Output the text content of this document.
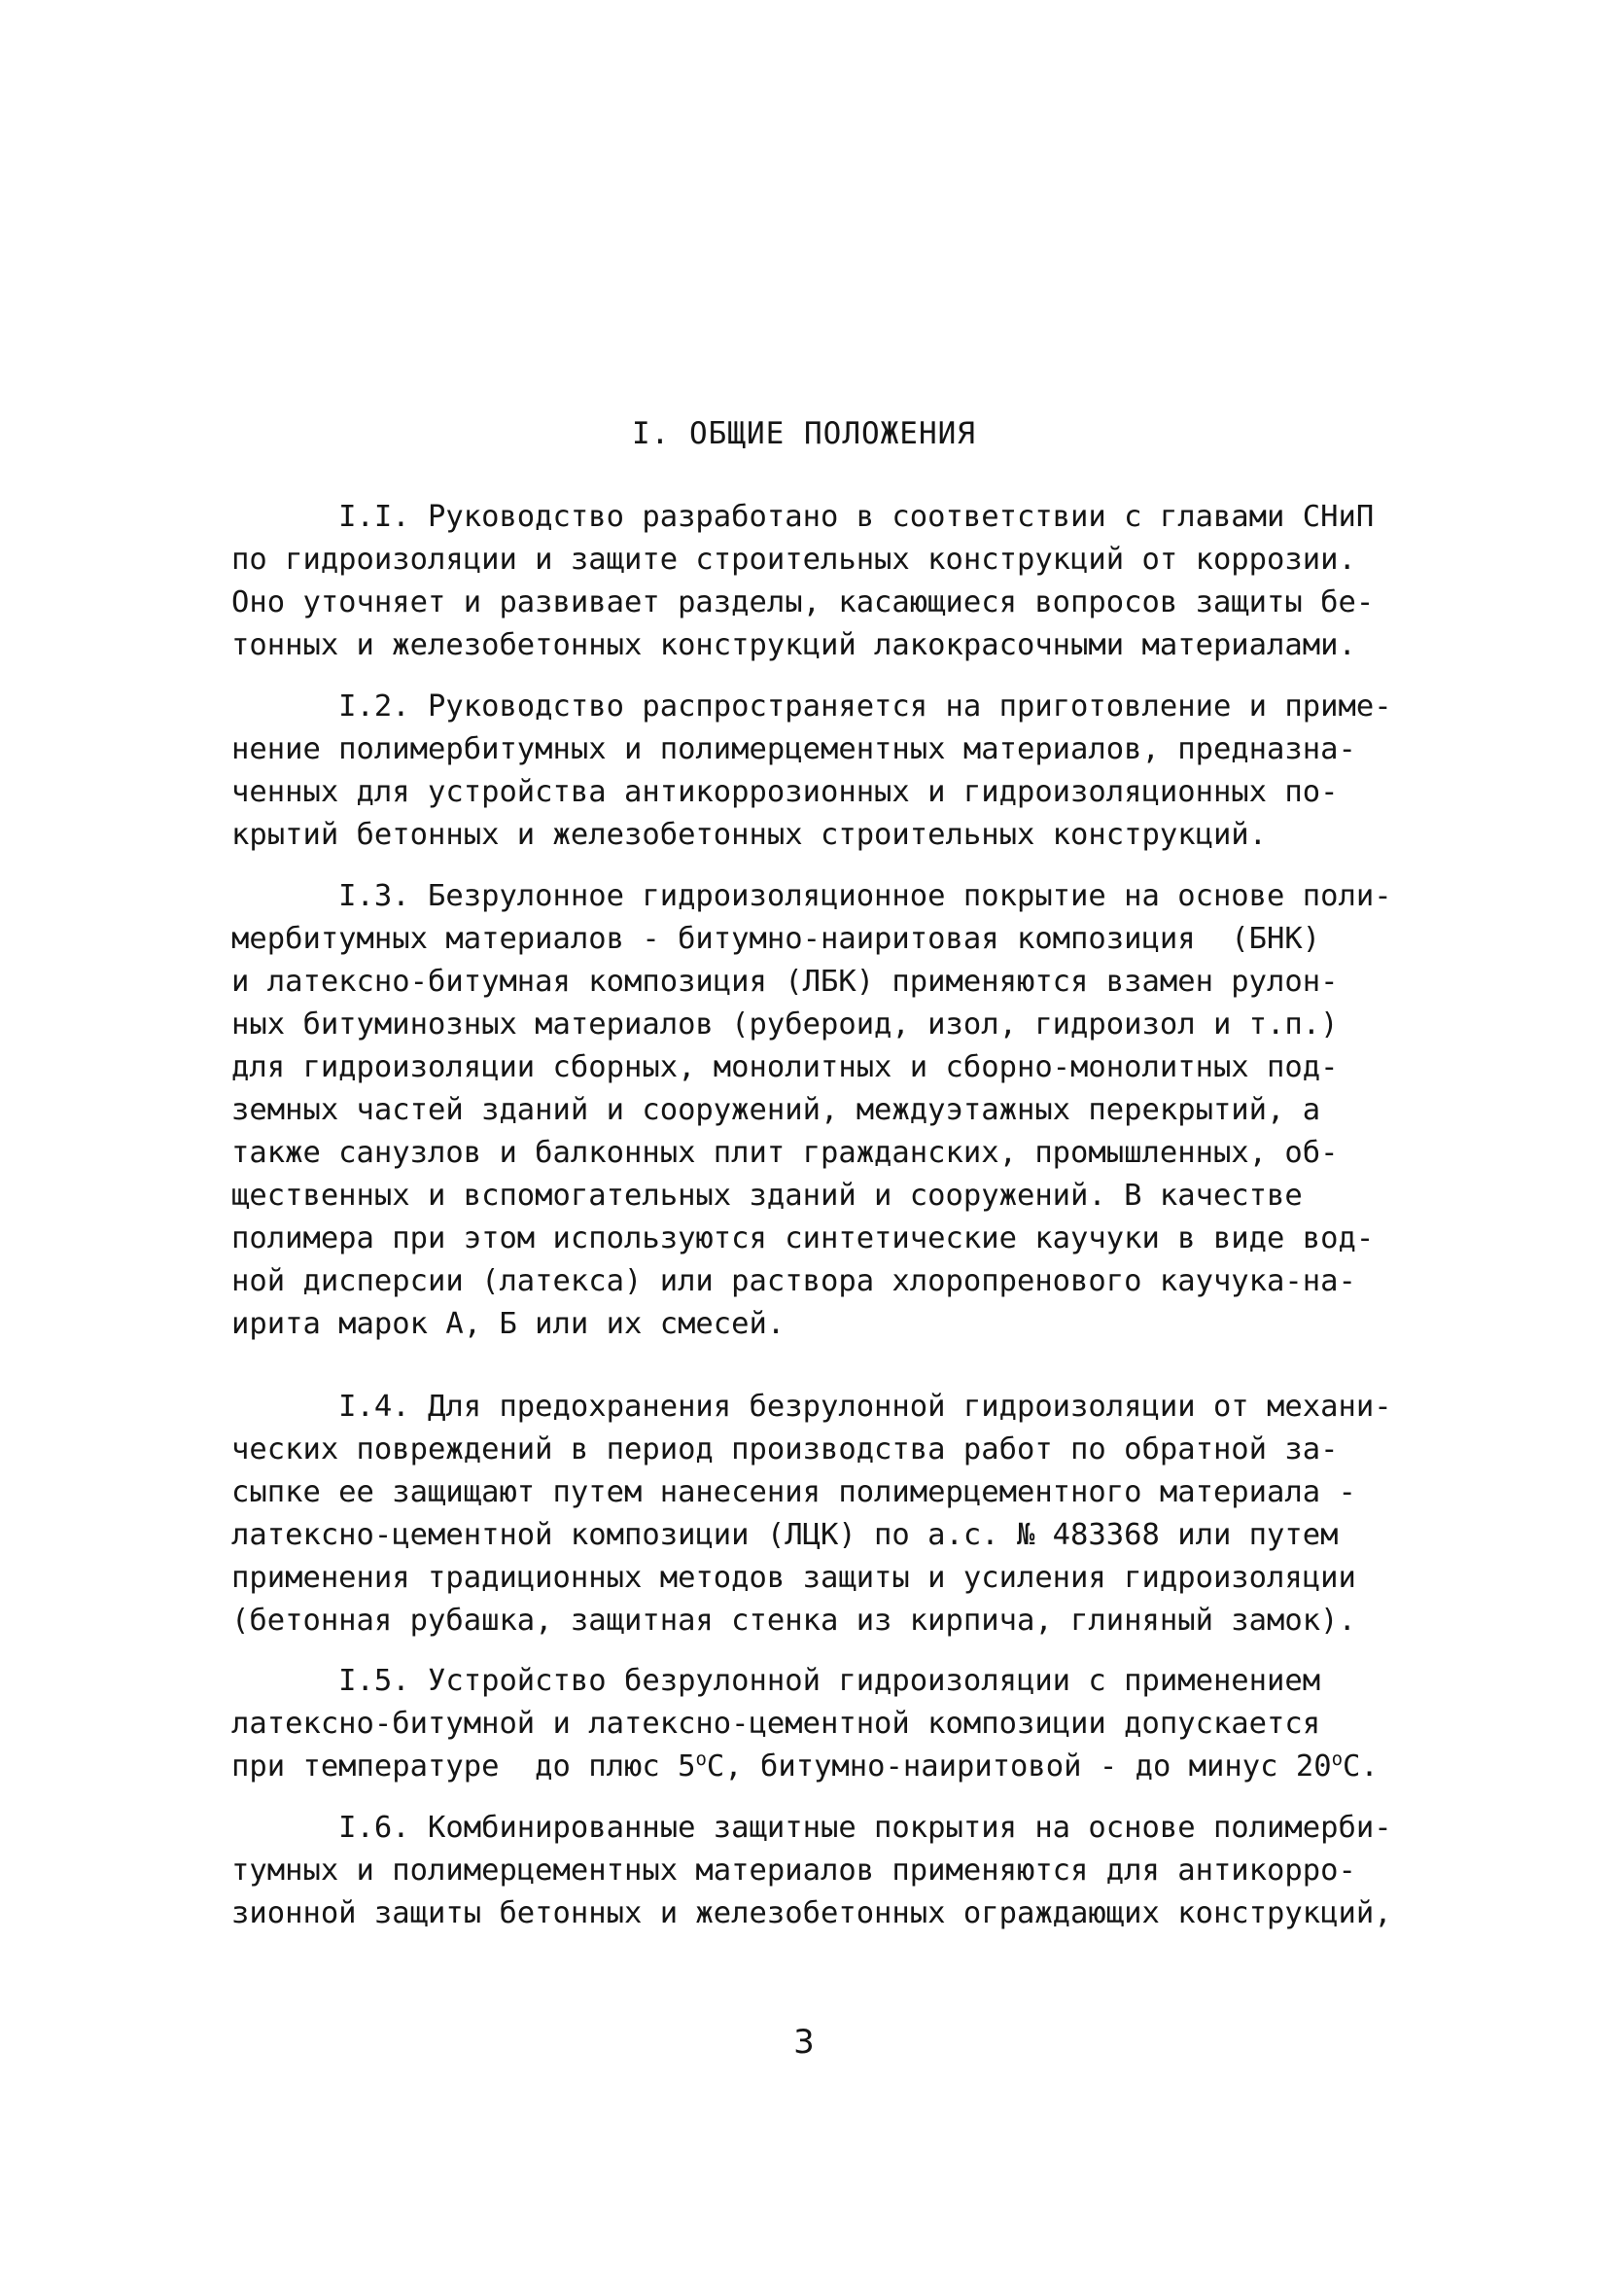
I. ОБЩИЕ ПОЛОЖЕНИЯ
I.I. Руководство разработано в соответствии с главами СНиП
по гидроизоляции и защите строительных конструкций от коррозии.
Оно уточняет и развивает разделы, касающиеся вопросов защиты бе-
тонных и железобетонных конструкций лакокрасочными материалами.
I.2. Руководство распространяется на приготовление и приме-
нение полимербитумных и полимерцементных материалов, предназна-
ченных для устройства антикоррозионных и гидроизоляционных по-
крытий бетонных и железобетонных строительных конструкций.
I.3. Безрулонное гидроизоляционное покрытие на основе поли-
мербитумных материалов - битумно-наиритовая композиция  (БНК)
и латексно-битумная композиция (ЛБК) применяются взамен рулон-
ных битуминозных материалов (рубероид, изол, гидроизол и т.п.)
для гидроизоляции сборных, монолитных и сборно-монолитных под-
земных частей зданий и сооружений, междуэтажных перекрытий, а
также санузлов и балконных плит гражданских, промышленных, об-
щественных и вспомогательных зданий и сооружений. В качестве
полимера при этом используются синтетические каучуки в виде вод-
ной дисперсии (латекса) или раствора хлоропренового каучука-на-
ирита марок А, Б или их смесей.
I.4. Для предохранения безрулонной гидроизоляции от механи-
ческих повреждений в период производства работ по обратной за-
сыпке ее защищают путем нанесения полимерцементного материала -
латексно-цементной композиции (ЛЦК) по а.с. № 483368 или путем
применения традиционных методов защиты и усиления гидроизоляции
(бетонная рубашка, защитная стенка из кирпича, глиняный замок).
I.5. Устройство безрулонной гидроизоляции с применением
латексно-битумной и латексно-цементной композиции допускается
при температуре  до плюс $5^оС$, битумно-наиритовой - до минус $20^оС$.
I.6. Комбинированные защитные покрытия на основе полимерби-
тумных и полимерцементных материалов применяются для антикорро-
зионной защиты бетонных и железобетонных ограждающих конструкций,
3
